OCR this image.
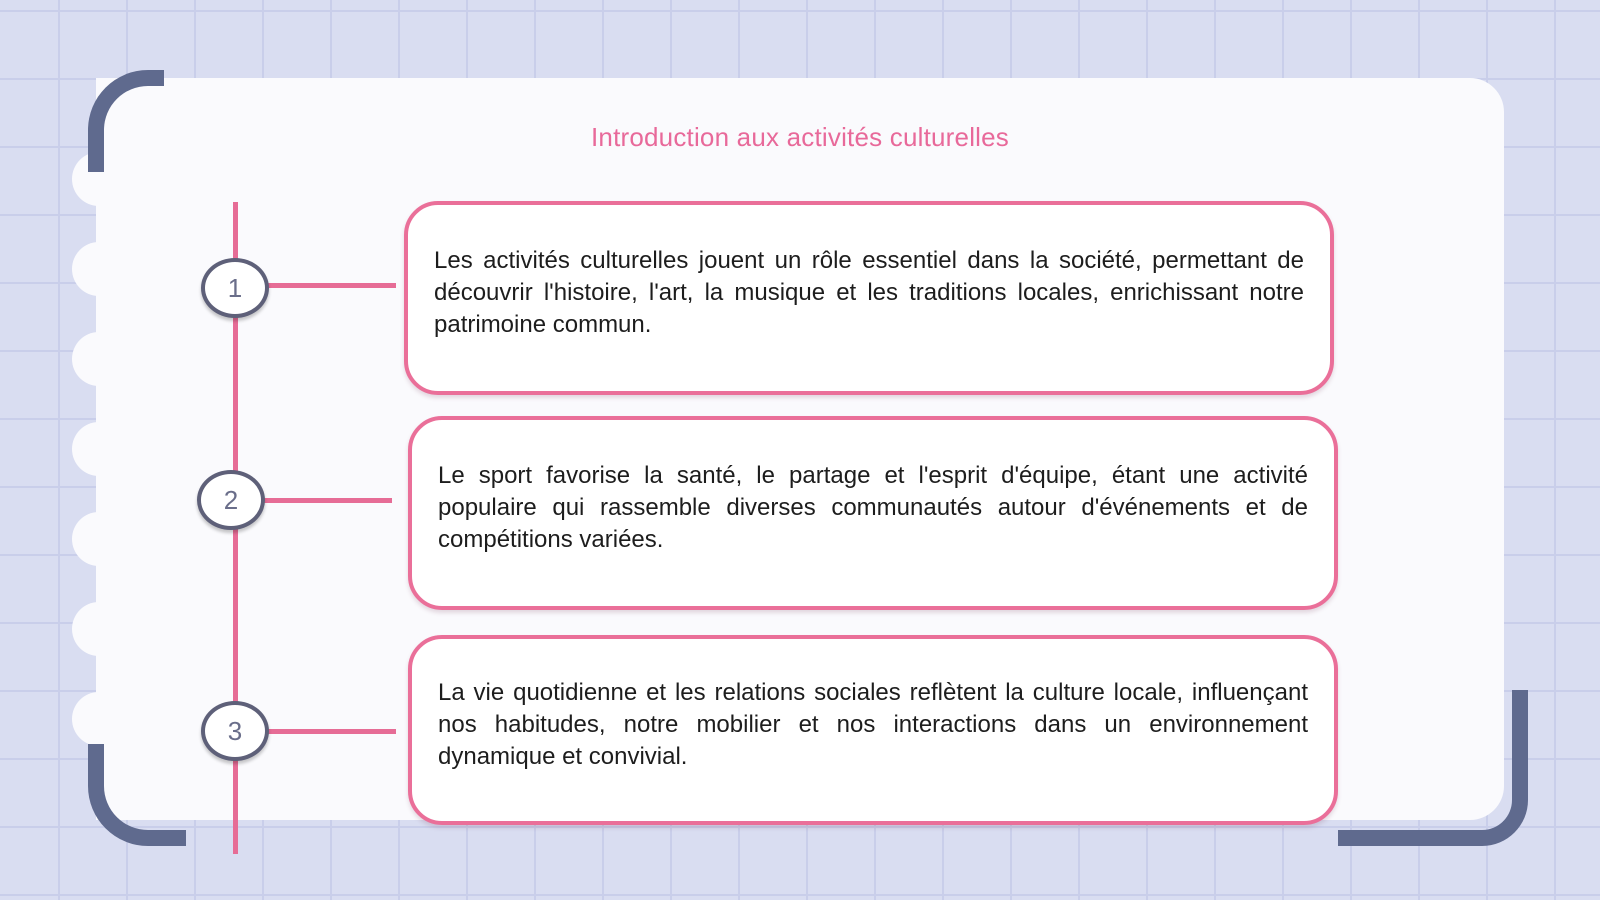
Introduction aux activités culturelles
1
2
3

Les activités culturelles jouent un rôle essentiel dans la société, permettant de découvrir l'histoire, l'art, la musique et les traditions locales, enrichissant notre patrimoine commun.

Le sport favorise la santé, le partage et l'esprit d'équipe, étant une activité populaire qui rassemble diverses communautés autour d'événements et de compétitions variées.

La vie quotidienne et les relations sociales reflètent la culture locale, influençant nos habitudes, notre mobilier et nos interactions dans un environnement dynamique et convivial.
